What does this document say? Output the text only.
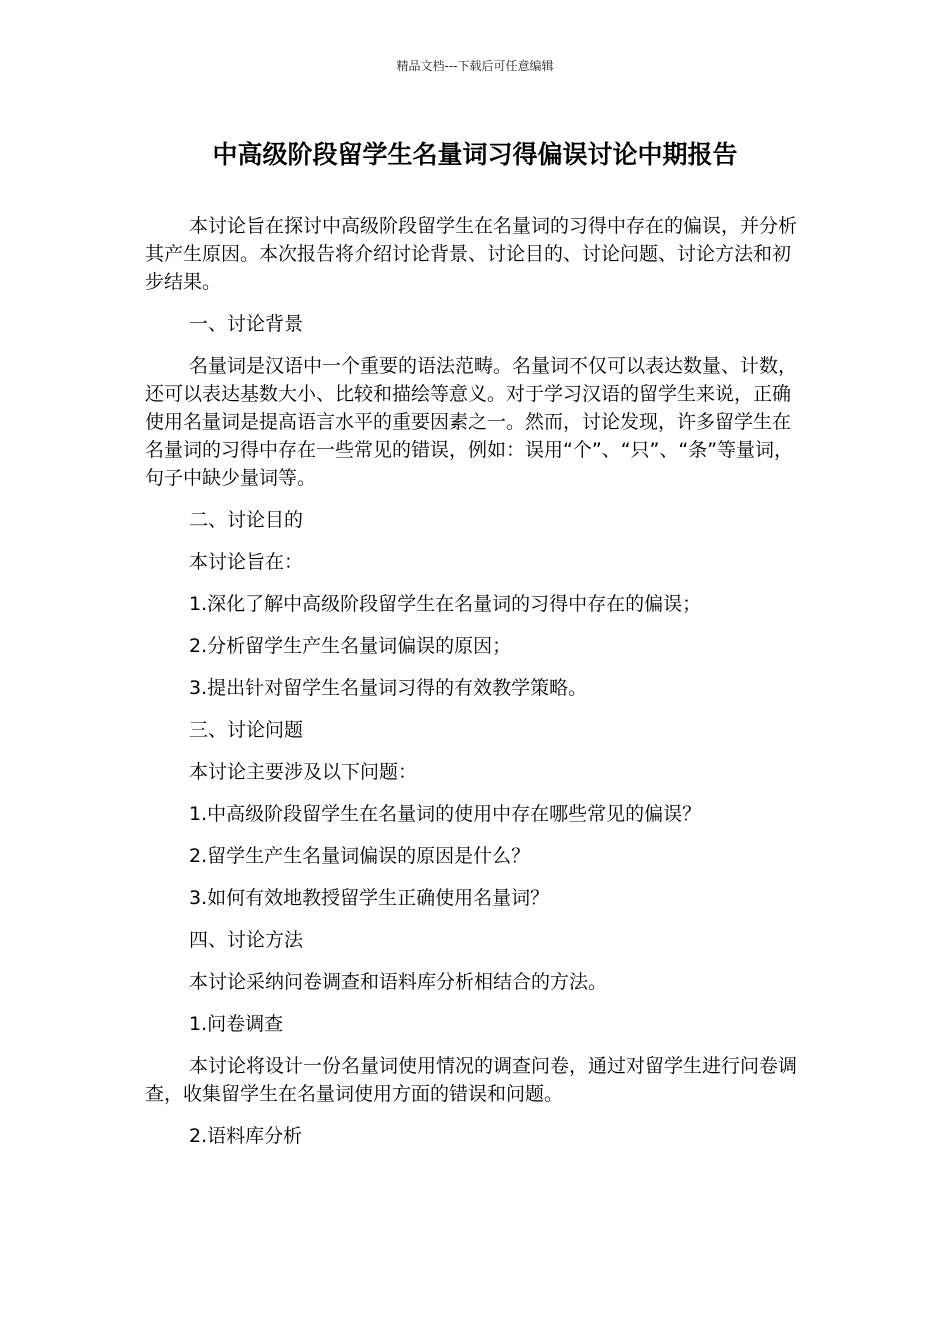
精品文档---下载后可任意编辑
中高级阶段留学生名量词习得偏误讨论中期报告

本讨论旨在探讨中高级阶段留学生在名量词的习得中存在的偏误，并分析其产生原因。本次报告将介绍讨论背景、讨论目的、讨论问题、讨论方法和初步结果。

一、讨论背景

名量词是汉语中一个重要的语法范畴。名量词不仅可以表达数量、计数，还可以表达基数大小、比较和描绘等意义。对于学习汉语的留学生来说，正确使用名量词是提高语言水平的重要因素之一。然而，讨论发现，许多留学生在名量词的习得中存在一些常见的错误，例如：误用“个”、“只”、“条”等量词，句子中缺少量词等。

二、讨论目的

本讨论旨在：

1.深化了解中高级阶段留学生在名量词的习得中存在的偏误；

2.分析留学生产生名量词偏误的原因；

3.提出针对留学生名量词习得的有效教学策略。

三、讨论问题

本讨论主要涉及以下问题：

1.中高级阶段留学生在名量词的使用中存在哪些常见的偏误？

2.留学生产生名量词偏误的原因是什么？

3.如何有效地教授留学生正确使用名量词？

四、讨论方法

本讨论采纳问卷调查和语料库分析相结合的方法。

1.问卷调查

本讨论将设计一份名量词使用情况的调查问卷，通过对留学生进行问卷调查，收集留学生在名量词使用方面的错误和问题。

2.语料库分析
